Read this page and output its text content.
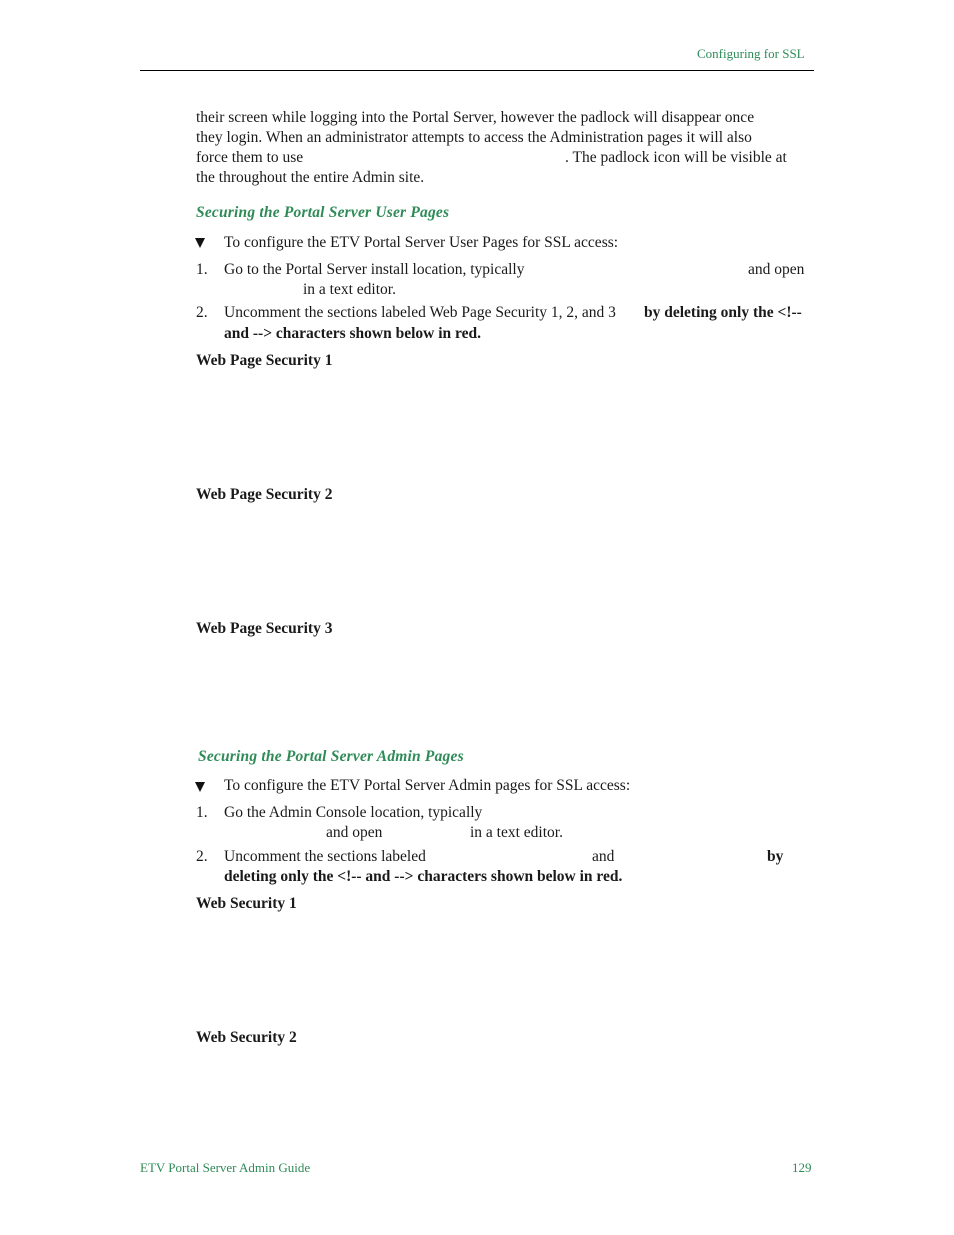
Configuring for SSL
their screen while logging into the Portal Server, however the padlock will disappear once
they login. When an administrator attempts to access the Administration pages it will also
force them to use	. The padlock icon will be visible at
the throughout the entire Admin site.
Securing the Portal Server User Pages
To configure the ETV Portal Server User Pages for SSL access:
1. Go to the Portal Server install location, typically	and open
in a text editor.
2. Uncomment the sections labeled Web Page Security 1, 2, and 3 by deleting only the <!--
and --> characters shown below in red.
Web Page Security 1
Web Page Security 2
Web Page Security 3
Securing the Portal Server Admin Pages
To configure the ETV Portal Server Admin pages for SSL access:
1. Go the Admin Console location, typically
and open	in a text editor.
2. Uncomment the sections labeled	and	by
deleting only the <!-- and --> characters shown below in red.
Web Security 1
Web Security 2
ETV Portal Server Admin Guide	129
